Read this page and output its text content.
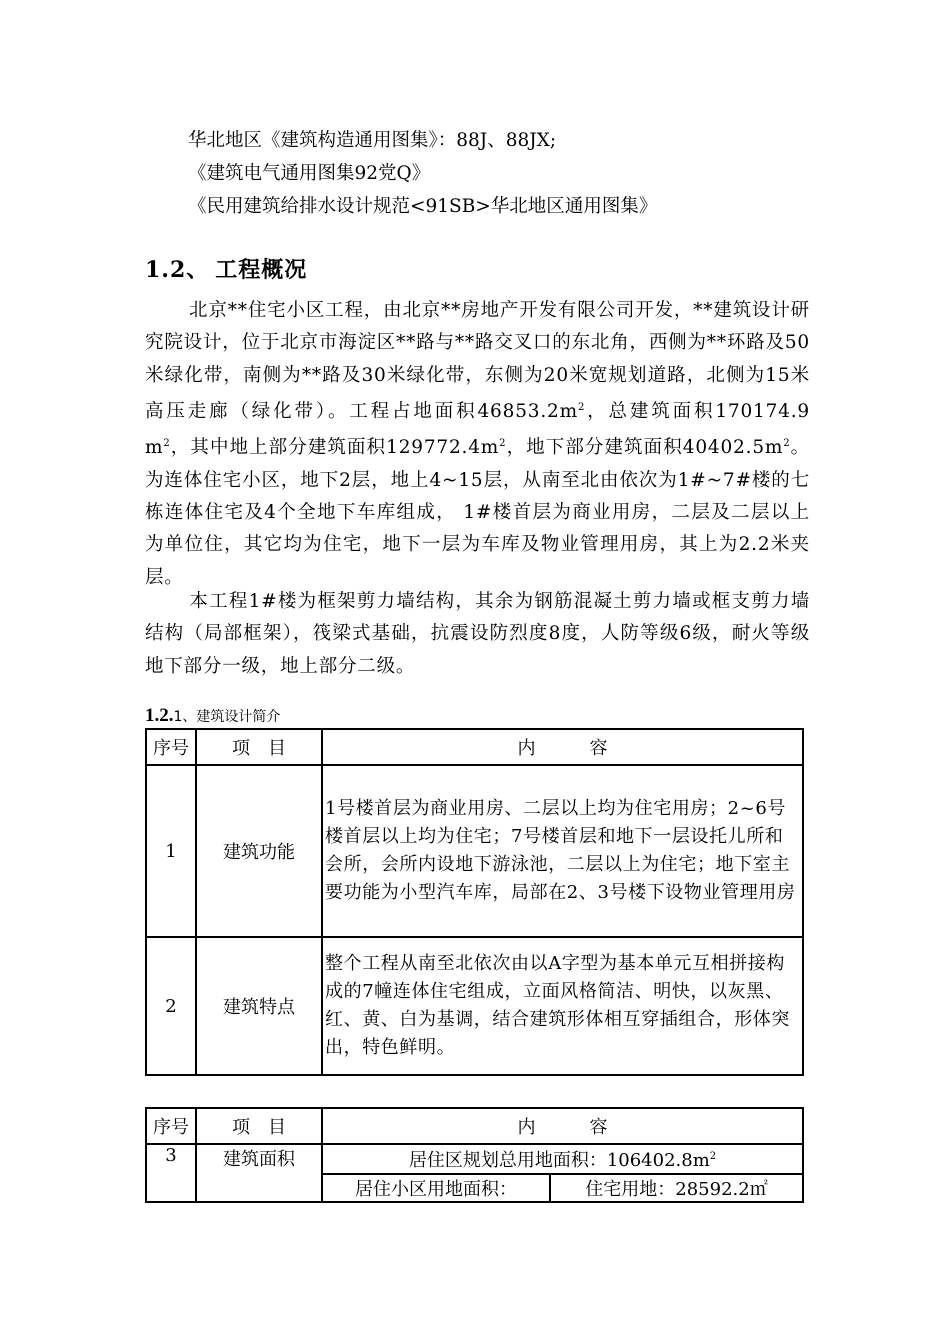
华北地区《建筑构造通用图集》：88J、88JX;
《建筑电气通用图集92党Q》
《民用建筑给排水设计规范<91SB>华北地区通用图集》
1.2、 工程概况
北京**住宅小区工程，由北京**房地产开发有限公司开发，**建筑设计研究院设计，位于北京市海淀区**路与**路交叉口的东北角，西侧为**环路及50米绿化带，南侧为**路及30米绿化带，东侧为20米宽规划道路，北侧为15米高压走廊（绿化带）。工程占地面积$46853.2m^2$，总建筑面积170174.9 $m^2$，其中地上部分建筑面积$129772.4m^2$，地下部分建筑面积$40402.5m^2$。为连体住宅小区，地下2层，地上4~15层，从南至北由依次为1#~7#楼的七栋连体住宅及4个全地下车库组成， 1#楼首层为商业用房，二层及二层以上为单位住，其它均为住宅，地下一层为车库及物业管理用房，其上为2.2米夹层。
本工程1#楼为框架剪力墙结构，其余为钢筋混凝土剪力墙或框支剪力墙结构（局部框架），筏梁式基础，抗震设防烈度8度，人防等级6级，耐火等级地下部分一级，地上部分二级。
1.2.1、建筑设计简介
序号	项　目	内　　　容
1	建筑功能	1号楼首层为商业用房、二层以上均为住宅用房；2~6号楼首层以上均为住宅；7号楼首层和地下一层设托儿所和会所，会所内设地下游泳池，二层以上为住宅；地下室主要功能为小型汽车库，局部在2、3号楼下设物业管理用房
2	建筑特点	整个工程从南至北依次由以A字型为基本单元互相拼接构成的7幢连体住宅组成，立面风格简洁、明快，以灰黑、红、黄、白为基调，结合建筑形体相互穿插组合，形体突出，特色鲜明。
序号	项　目	内　　　容	
3	建筑面积	居住区规划总用地面积：$106402.8m^2$
		居住小区用地面积：	住宅用地：28592.2㎡
